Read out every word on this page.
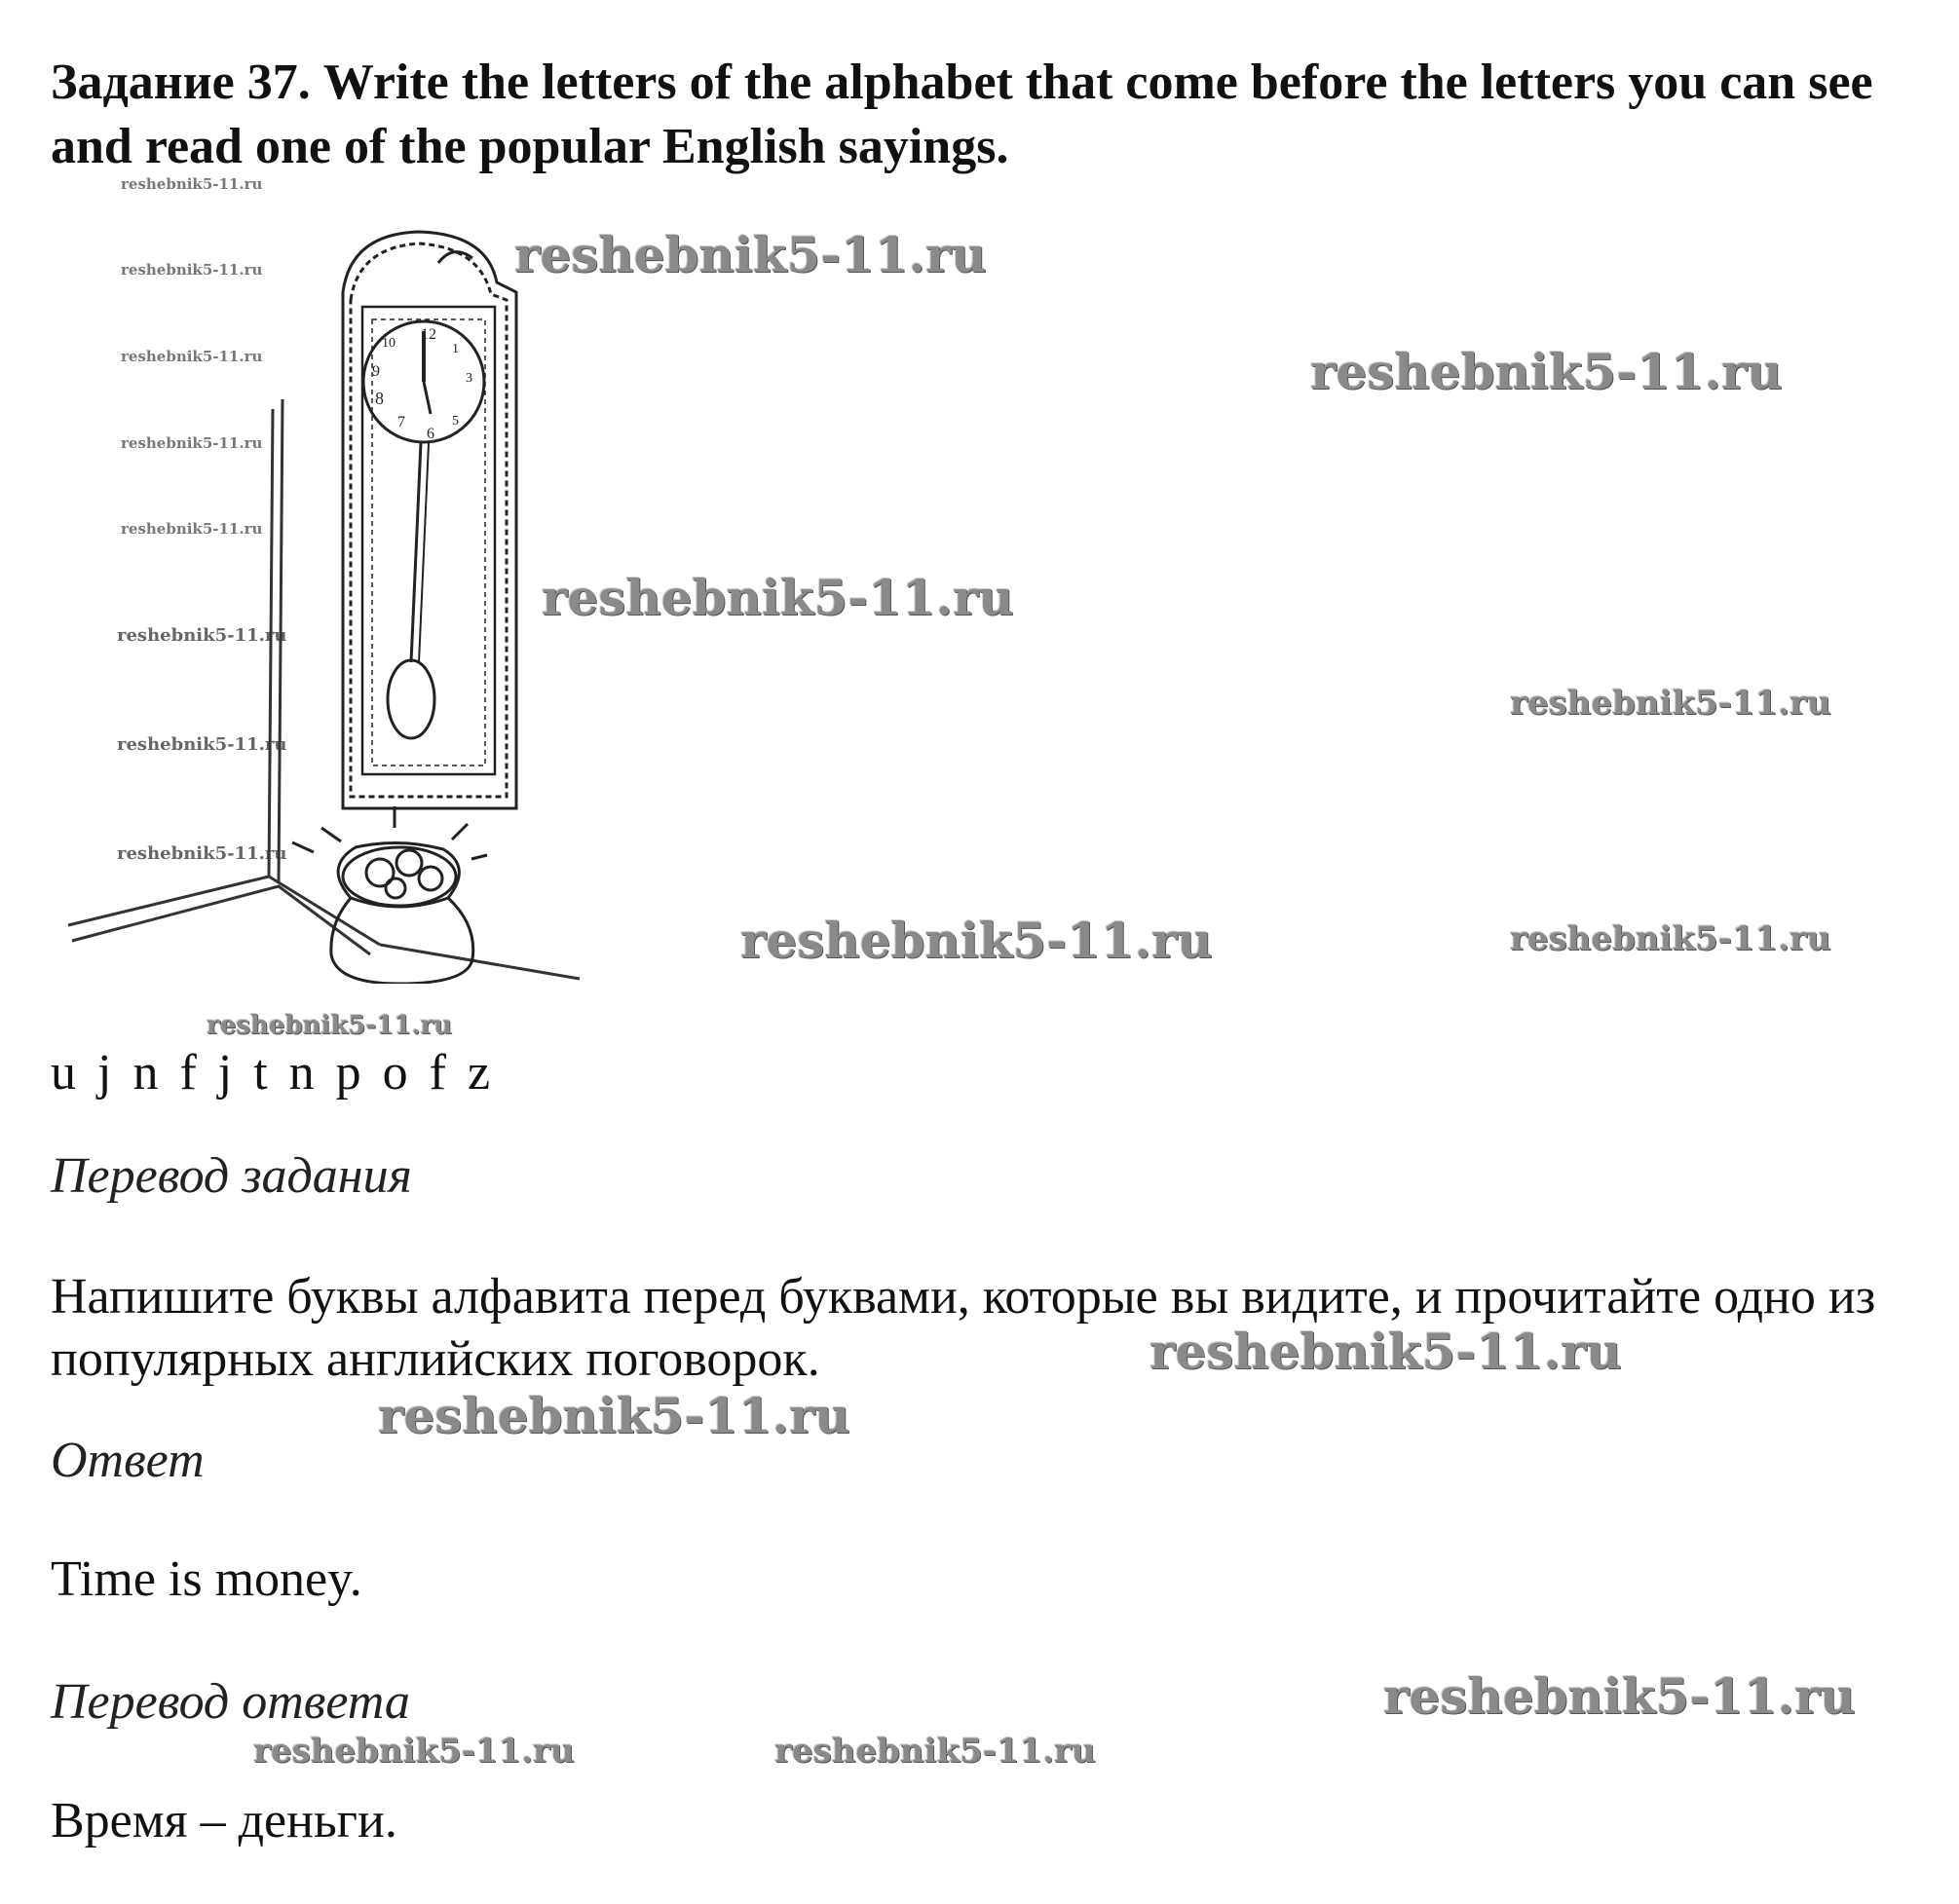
Задание 37. Write the letters of the alphabet that come before the letters you can see and read one of the popular English sayings.
reshebnik5-11.ru
reshebnik5-11.ru
reshebnik5-11.ru
reshebnik5-11.ru
reshebnik5-11.ru
reshebnik5-11.ru
reshebnik5-11.ru
reshebnik5-11.ru
reshebnik5-11.ru
reshebnik5-11.ru
reshebnik5-11.ru
reshebnik5-11.ru
reshebnik5-11.ru	reshebnik5-11.ru
reshebnik5-11.ru
reshebnik5-11.ru
reshebnik5-11.ru
reshebnik5-11.ru
reshebnik5-11.ru	reshebnik5-11.ru
12
1
3
5
6
7
8
9
10
u j n f j t n p o f z
Перевод задания
Напишите буквы алфавита перед буквами, которые вы видите, и прочитайте одно из популярных английских поговорок.
Ответ
Time is money.
Перевод ответа
Время – деньги.
